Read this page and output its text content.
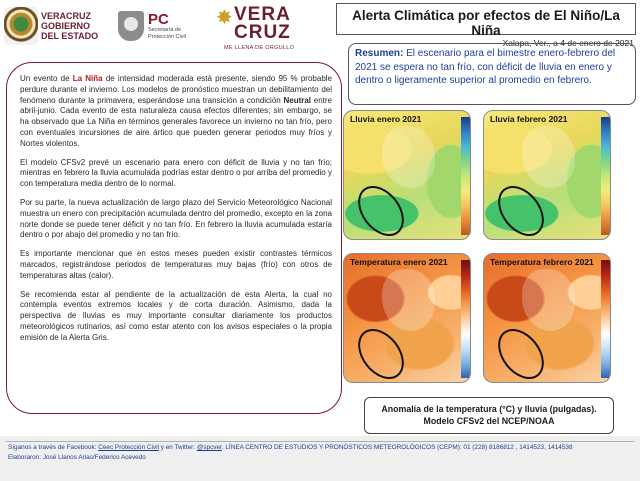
VERACRUZ
GOBIERNO
DEL ESTADO
PC
Secretaría de
Protección Civil
✸ VERA CRUZ
ME LLENA DE ORGULLO
Alerta Climática por efectos de El Niño/La Niña
Xalapa, Ver., a 4 de enero de 2021
Resumen: El escenario para el bimestre enero-febrero del 2021 se espera no tan frío, con déficit de lluvia en enero y dentro o ligeramente superior al promedio en febrero.

Un evento de La Niña de intensidad moderada está presente, siendo 95 % probable perdure durante el invierno. Los modelos de pronóstico muestran un debilitamiento del fenómeno durante la primavera, esperándose una transición a condición Neutral entre abril-junio. Cada evento de esta naturaleza causa efectos diferentes; sin embargo, se ha observado que La Niña en términos generales favorece un invierno no tan frío, pero con eventuales incursiones de aire ártico que pueden generar periodos muy fríos y Nortes violentos.

El modelo CFSv2 prevé un escenario para enero con déficit de lluvia y no tan frío; mientras en febrero la lluvia acumulada podrías estar dentro o por arriba del promedio y con temperatura media dentro de lo normal.

Por su parte, la nueva actualización de largo plazo del Servicio Meteorológico Nacional muestra un enero con precipitación acumulada dentro del promedio, excepto en la zona norte donde se puede tener déficit y no tan frío. En febrero la lluvia acumulada estaría dentro o por abajo del promedio y no tan frío.

Es importante mencionar que en estos meses pueden existir contrastes térmicos marcados, registrándose periodos de temperaturas muy bajas (frío) con otros de temperaturas altas (calor).

Se recomienda estar al pendiente de la actualización de esta Alerta, la cual no contempla eventos extremos locales y de corta duración. Asimismo, dada la perspectiva de lluvias es muy importante consultar diariamente los productos meteorológicos rutinarios, así como estar atento con los avisos especiales o la propia emisión de la Alerta Gris.

Lluvia enero 2021	Lluvia febrero 2021
Temperatura enero 2021	Temperatura febrero 2021
Anomalía de la temperatura (°C) y lluvia (pulgadas).
Modelo CFSv2 del NCEP/NOAA
Síganos a través de Facebook: Ceec Protección Civil y en Twitter: @spcver. LÍNEA CENTRO DE ESTUDIOS Y PRONÓSTICOS METEOROLÓGICOS (CEPM): 01 (228) 8186812 , 1414523, 1414538
Elaboraron: José Llanos Arias/Federico Acevedo
